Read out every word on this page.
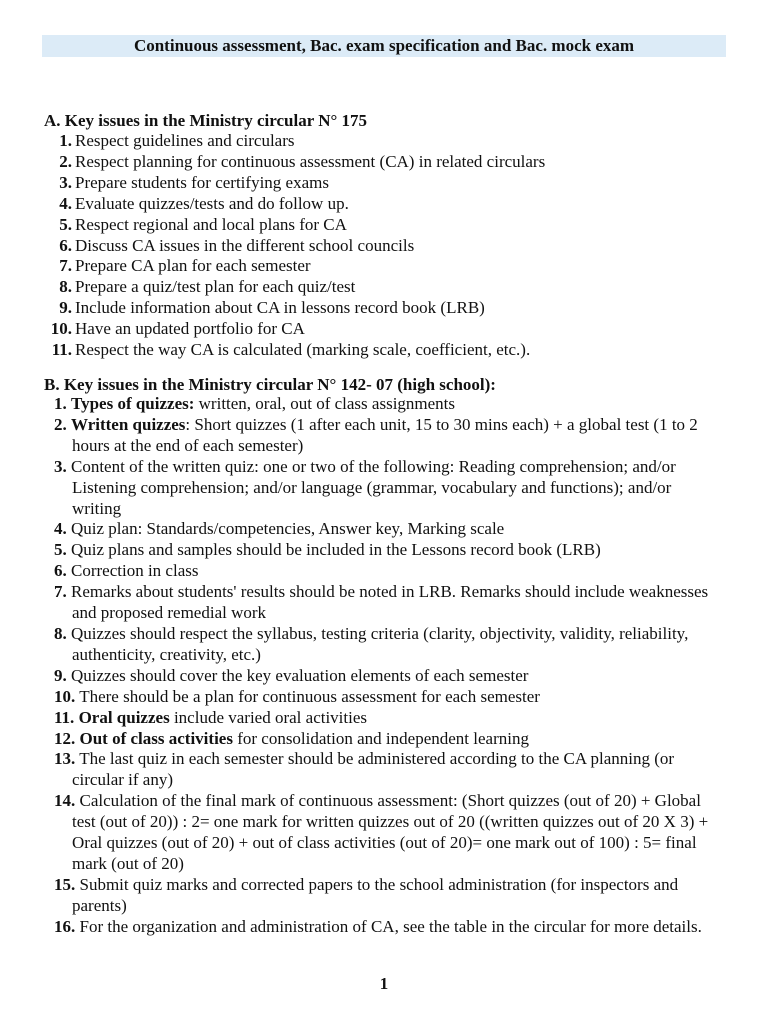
Continuous assessment, Bac. exam specification and Bac. mock exam
A. Key issues in the Ministry circular N° 175
1. Respect guidelines and circulars
2. Respect planning for continuous assessment (CA) in related circulars
3. Prepare students for certifying exams
4. Evaluate quizzes/tests and do follow up.
5. Respect regional and local plans for CA
6. Discuss CA issues in the different school councils
7. Prepare CA plan for each semester
8. Prepare a quiz/test plan for each quiz/test
9. Include information about CA in lessons record book (LRB)
10. Have an updated portfolio for CA
11. Respect the way CA is calculated (marking scale, coefficient, etc.).
B. Key issues in the Ministry circular N° 142- 07 (high school):
1. Types of quizzes: written, oral, out of class assignments
2. Written quizzes: Short quizzes (1 after each unit, 15 to 30 mins each) + a global test (1 to 2 hours at the end of each semester)
3. Content of the written quiz: one or two of the following: Reading comprehension; and/or Listening comprehension; and/or language (grammar, vocabulary and functions); and/or writing
4. Quiz plan: Standards/competencies, Answer key, Marking scale
5. Quiz plans and samples should be included in the Lessons record book (LRB)
6. Correction in class
7. Remarks about students' results should be noted in LRB. Remarks should include weaknesses and proposed remedial work
8. Quizzes should respect the syllabus, testing criteria (clarity, objectivity, validity, reliability, authenticity, creativity, etc.)
9. Quizzes should cover the key evaluation elements of each semester
10. There should be a plan for continuous assessment for each semester
11. Oral quizzes include varied oral activities
12. Out of class activities for consolidation and independent learning
13. The last quiz in each semester should be administered according to the CA planning (or circular if any)
14. Calculation of the final mark of continuous assessment: (Short quizzes (out of 20) + Global test (out of 20)) : 2= one mark for written quizzes out of 20 ((written quizzes out of 20 X 3) + Oral quizzes (out of 20) + out of class activities (out of 20)= one mark out of 100) : 5= final mark (out of 20)
15. Submit quiz marks and corrected papers to the school administration (for inspectors and parents)
16. For the organization and administration of CA, see the table in the circular for more details.
1
